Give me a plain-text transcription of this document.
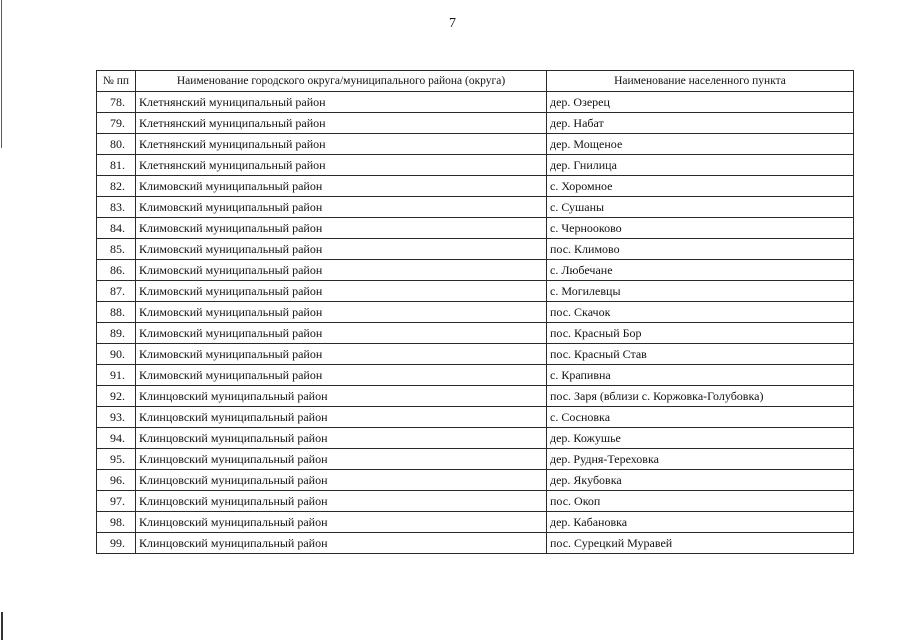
7
№ пп	Наименование городского округа/муниципального района (округа)	Наименование населенного пункта
78.	Клетнянский муниципальный район	дер. Озерец
79.	Клетнянский муниципальный район	дер. Набат
80.	Клетнянский муниципальный район	дер. Мощеное
81.	Клетнянский муниципальный район	дер. Гнилица
82.	Климовский муниципальный район	с. Хоромное
83.	Климовский муниципальный район	с. Сушаны
84.	Климовский муниципальный район	с. Чернооково
85.	Климовский муниципальный район	пос. Климово
86.	Климовский муниципальный район	с. Любечане
87.	Климовский муниципальный район	с. Могилевцы
88.	Климовский муниципальный район	пос. Скачок
89.	Климовский муниципальный район	пос. Красный Бор
90.	Климовский муниципальный район	пос. Красный Став
91.	Климовский муниципальный район	с. Крапивна
92.	Клинцовский муниципальный район	пос. Заря (вблизи с. Коржовка-Голубовка)
93.	Клинцовский муниципальный район	с. Сосновка
94.	Клинцовский муниципальный район	дер. Кожушье
95.	Клинцовский муниципальный район	дер. Рудня-Тереховка
96.	Клинцовский муниципальный район	дер. Якубовка
97.	Клинцовский муниципальный район	пос. Окоп
98.	Клинцовский муниципальный район	дер. Кабановка
99.	Клинцовский муниципальный район	пос. Сурецкий Муравей
